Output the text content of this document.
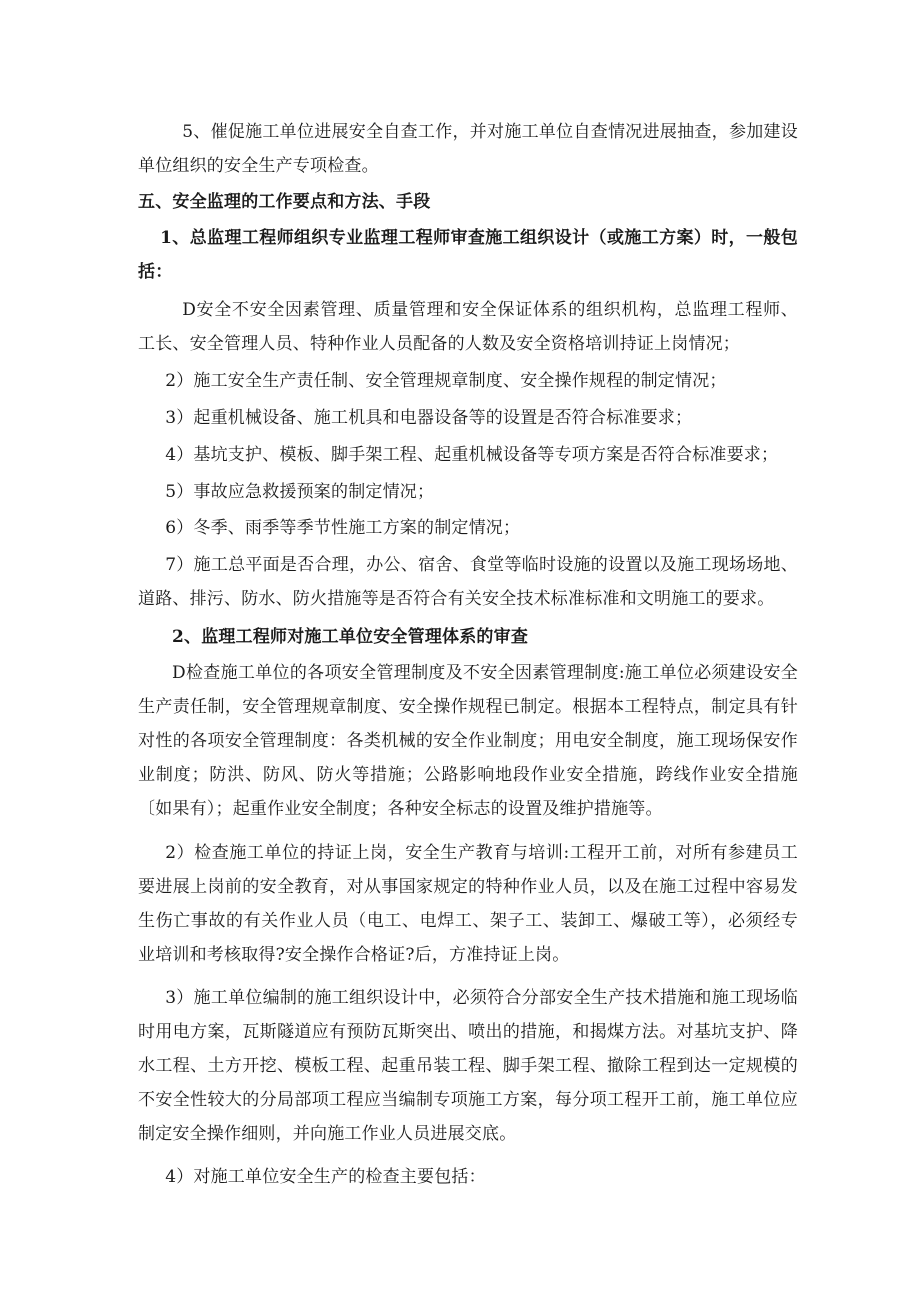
5、催促施工单位进展安全自查工作，并对施工单位自查情况进展抽查，参加建设单位组织的安全生产专项检查。

五、安全监理的工作要点和方法、手段

1、总监理工程师组织专业监理工程师审查施工组织设计（或施工方案）时，一般包括：

D安全不安全因素管理、质量管理和安全保证体系的组织机构，总监理工程师、工长、安全管理人员、特种作业人员配备的人数及安全资格培训持证上岗情况；

2）施工安全生产责任制、安全管理规章制度、安全操作规程的制定情况；

3）起重机械设备、施工机具和电器设备等的设置是否符合标准要求；

4）基坑支护、模板、脚手架工程、起重机械设备等专项方案是否符合标准要求；

5）事故应急救援预案的制定情况；

6）冬季、雨季等季节性施工方案的制定情况；

7）施工总平面是否合理，办公、宿舍、食堂等临时设施的设置以及施工现场场地、道路、排污、防水、防火措施等是否符合有关安全技术标准标准和文明施工的要求。

2、监理工程师对施工单位安全管理体系的审查

D检查施工单位的各项安全管理制度及不安全因素管理制度:施工单位必须建设安全生产责任制，安全管理规章制度、安全操作规程已制定。根据本工程特点，制定具有针对性的各项安全管理制度：各类机械的安全作业制度；用电安全制度，施工现场保安作业制度；防洪、防风、防火等措施；公路影响地段作业安全措施，跨线作业安全措施〔如果有）；起重作业安全制度；各种安全标志的设置及维护措施等。

2）检查施工单位的持证上岗，安全生产教育与培训:工程开工前，对所有参建员工要进展上岗前的安全教育，对从事国家规定的特种作业人员，以及在施工过程中容易发生伤亡事故的有关作业人员（电工、电焊工、架子工、装卸工、爆破工等），必须经专业培训和考核取得?安全操作合格证?后，方准持证上岗。

3）施工单位编制的施工组织设计中，必须符合分部安全生产技术措施和施工现场临时用电方案，瓦斯隧道应有预防瓦斯突出、喷出的措施，和揭煤方法。对基坑支护、降水工程、土方开挖、模板工程、起重吊装工程、脚手架工程、撤除工程到达一定规模的不安全性较大的分局部项工程应当编制专项施工方案，每分项工程开工前，施工单位应制定安全操作细则，并向施工作业人员进展交底。

4）对施工单位安全生产的检查主要包括：
